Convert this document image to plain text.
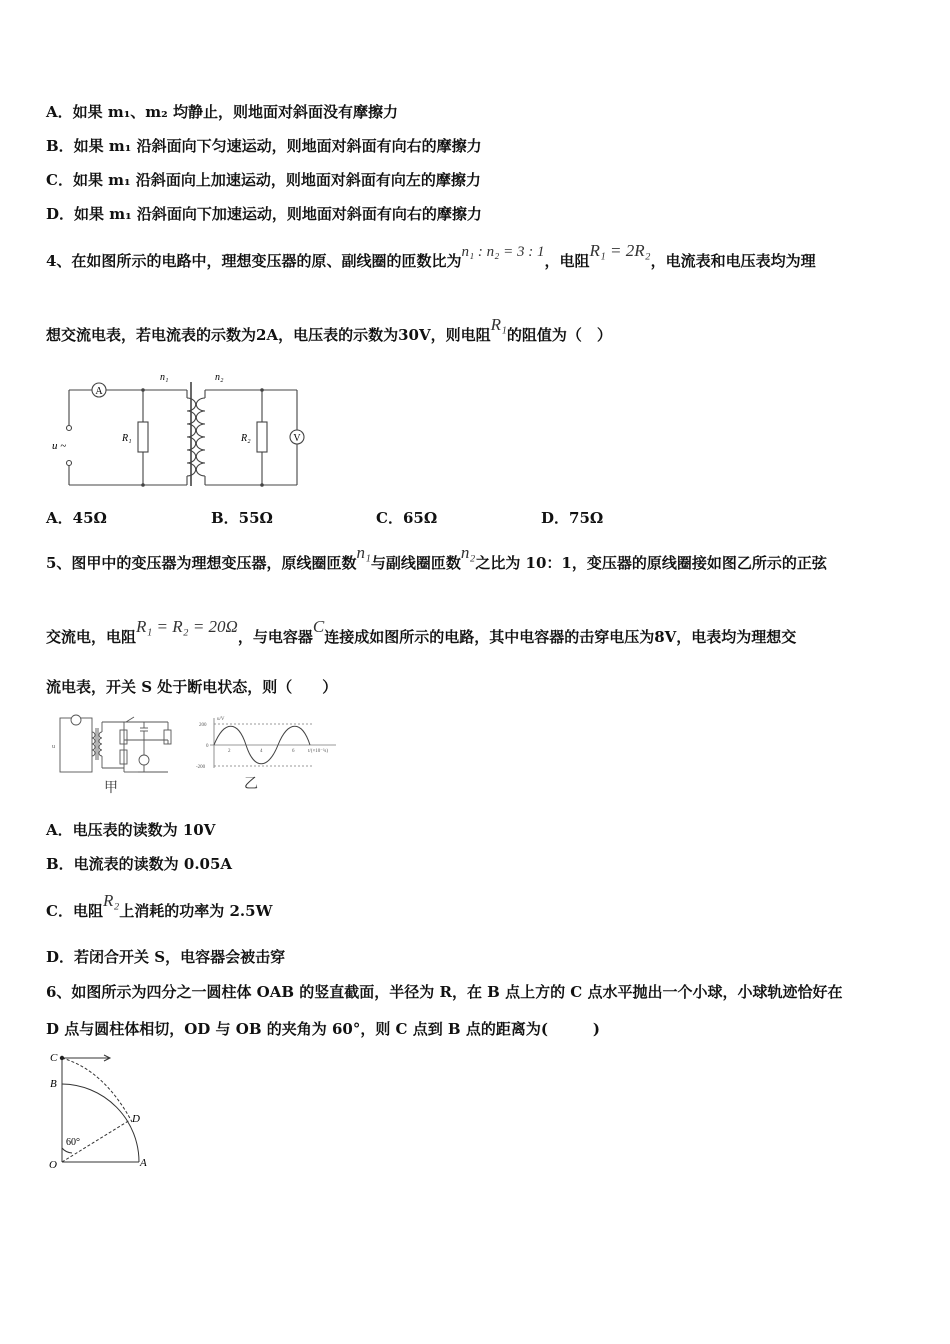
A．如果 m₁、m₂ 均静止，则地面对斜面没有摩擦力
B．如果 m₁ 沿斜面向下匀速运动，则地面对斜面有向右的摩擦力
C．如果 m₁ 沿斜面向上加速运动，则地面对斜面有向左的摩擦力
D．如果 m₁ 沿斜面向下加速运动，则地面对斜面有向右的摩擦力
4、在如图所示的电路中，理想变压器的原、副线圈的匝数比为n₁ : n₂ = 3 : 1，电阻R₁ = 2R₂，电流表和电压表均为理
想交流电表，若电流表的示数为2A，电压表的示数为30V，则电阻R₁的阻值为（　）
A
V
n₁	n₂
u ~
R₁	R₂
A．45Ω	B．55Ω	C．65Ω	D．75Ω
5、图甲中的变压器为理想变压器，原线圈匝数n₁与副线圈匝数n₂之比为 10：1，变压器的原线圈接如图乙所示的正弦
交流电，电阻R₁ = R₂ = 20Ω，与电容器C连接成如图所示的电路，其中电容器的击穿电压为8V，电表均为理想交
流电表，开关 S 处于断电状态，则（　　）
u
甲
u/V
200
0
-200
2	4	6	t/(×10⁻²s)
乙
A．电压表的读数为 10V
B．电流表的读数为 0.05A
C．电阻R₂上消耗的功率为 2.5W
D．若闭合开关 S，电容器会被击穿
6、如图所示为四分之一圆柱体 OAB 的竖直截面，半径为 R，在 B 点上方的 C 点水平抛出一个小球，小球轨迹恰好在
D 点与圆柱体相切，OD 与 OB 的夹角为 60°，则 C 点到 B 点的距离为(　　　)
C
B
D
O	A
60°
